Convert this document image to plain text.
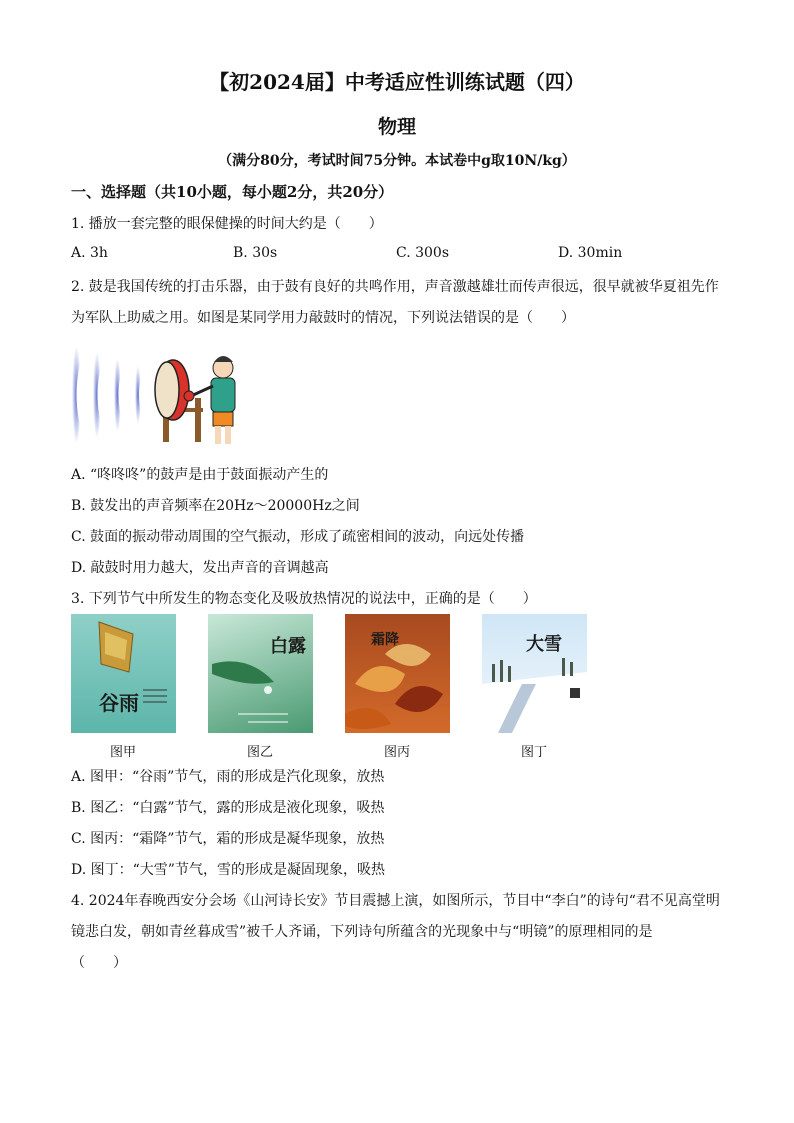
【初2024届】中考适应性训练试题（四）
物理
（满分80分，考试时间75分钟。本试卷中g取10N/kg）
一、选择题（共10小题，每小题2分，共20分）
1. 播放一套完整的眼保健操的时间大约是（　　）
A. 3h	B. 30s	C. 300s	D. 30min
2. 鼓是我国传统的打击乐器，由于鼓有良好的共鸣作用，声音激越雄壮而传声很远，很早就被华夏祖先作
为军队上助威之用。如图是某同学用力敲鼓时的情况，下列说法错误的是（　　）
A. “咚咚咚”的鼓声是由于鼓面振动产生的
B. 鼓发出的声音频率在20Hz～20000Hz之间
C. 鼓面的振动带动周围的空气振动，形成了疏密相间的波动，向远处传播
D. 敲鼓时用力越大，发出声音的音调越高
3. 下列节气中所发生的物态变化及吸放热情况的说法中，正确的是（　　）
谷雨
白露	霜降	大雪
图甲	图乙	图丙	图丁
A. 图甲：“谷雨”节气，雨的形成是汽化现象，放热
B. 图乙：“白露”节气，露的形成是液化现象，吸热
C. 图丙：“霜降”节气，霜的形成是凝华现象，放热
D. 图丁：“大雪”节气，雪的形成是凝固现象，吸热
4. 2024年春晚西安分会场《山河诗长安》节目震撼上演，如图所示，节目中“李白”的诗句“君不见高堂明
镜悲白发，朝如青丝暮成雪”被千人齐诵，下列诗句所蕴含的光现象中与“明镜”的原理相同的是
（　　）
